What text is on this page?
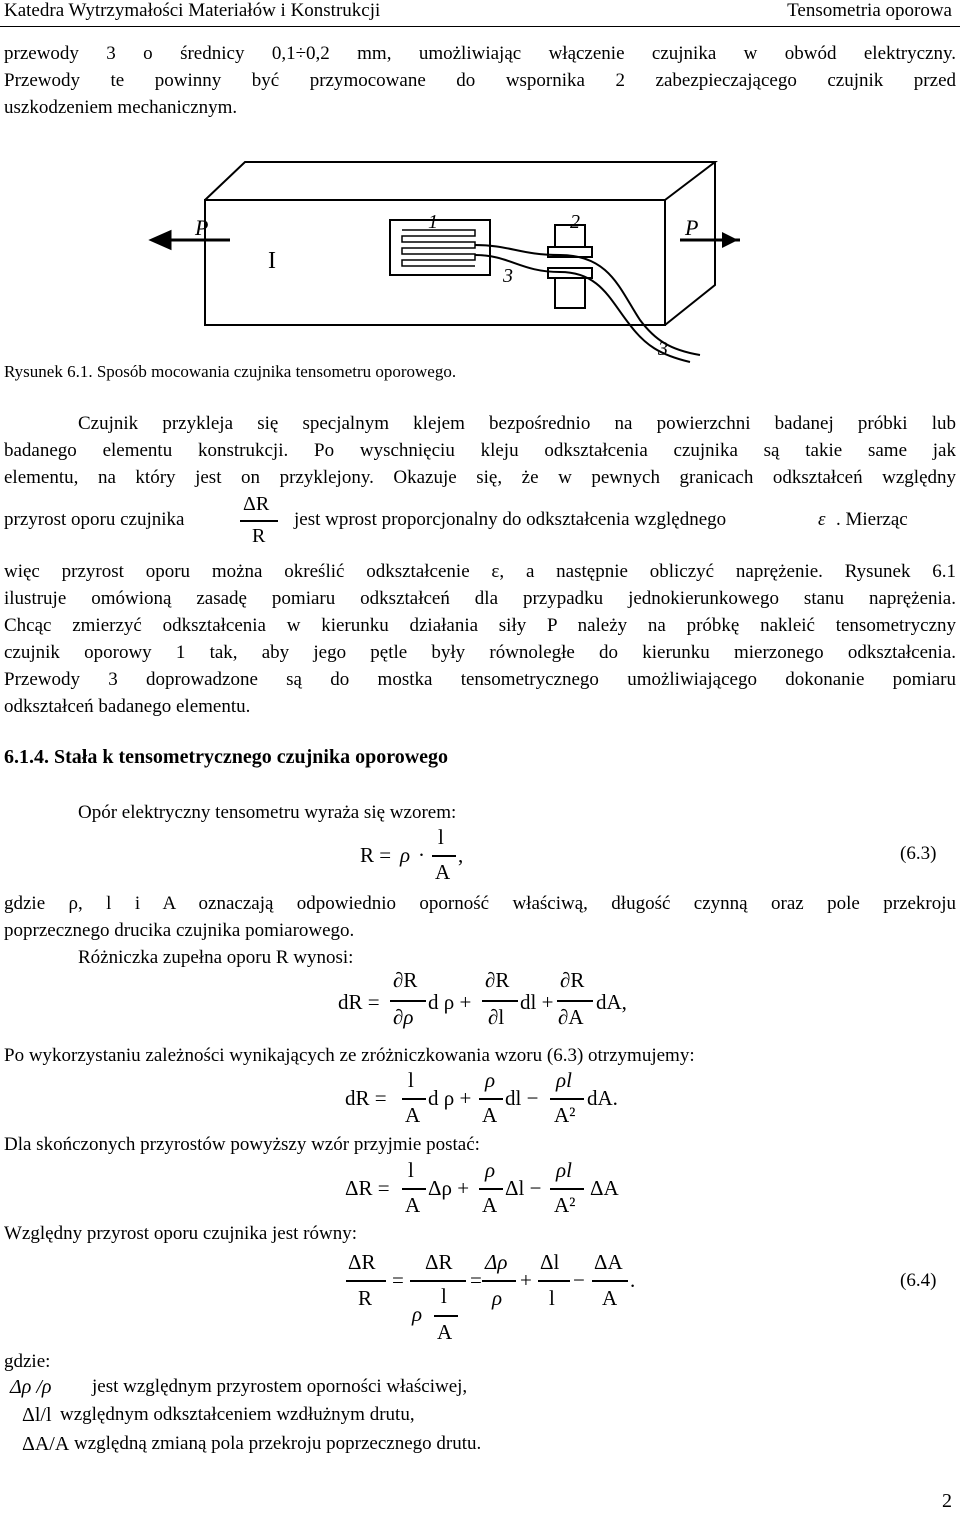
Katedra Wytrzymałości Materiałów i Konstrukcji	Tensometria oporowa
przewody 3 o średnicy 0,1÷0,2 mm, umożliwiając włączenie czujnika w obwód elektryczny.
Przewody te powinny być przymocowane do wspornika 2 zabezpieczającego czujnik przed
uszkodzeniem mechanicznym.
P	P
I
1	2
3
3
Rysunek 6.1. Sposób mocowania czujnika tensometru oporowego.
Czujnik przykleja się specjalnym klejem bezpośrednio na powierzchni badanej próbki lub
badanego elementu konstrukcji. Po wyschnięciu kleju odkształcenia czujnika są takie same jak
elementu, na który jest on przyklejony. Okazuje się, że w pewnych granicach odkształceń względny
przyrost oporu czujnika
ΔR
R
jest wprost proporcjonalny do odkształcenia względnego	ε . Mierząc
więc przyrost oporu można określić odkształcenie ε, a następnie obliczyć naprężenie. Rysunek 6.1
ilustruje omówioną zasadę pomiaru odkształceń dla przypadku jednokierunkowego stanu naprężenia.
Chcąc zmierzyć odkształcenia w kierunku działania siły P należy na próbkę nakleić tensometryczny
czujnik oporowy 1 tak, aby jego pętle były równoległe do kierunku mierzonego odkształcenia.
Przewody 3 doprowadzone są do mostka tensometrycznego umożliwiającego dokonanie pomiaru
odkształceń badanego elementu.
6.1.4. Stała k tensometrycznego czujnika oporowego
Opór elektryczny tensometru wyraża się wzorem:
R = ρ ·
l
A
,	(6.3)
gdzie ρ, l i A oznaczają odpowiednio oporność właściwą, długość czynną oraz pole przekroju
poprzecznego drucika czujnika pomiarowego.
Różniczka zupełna oporu R wynosi:
dR =
∂R
∂ρ
d ρ +
∂R
∂l
dl +
∂R
∂A
dA,
Po wykorzystaniu zależności wynikających ze zróżniczkowania wzoru (6.3) otrzymujemy:
dR =
l
A
d ρ +
ρ
A
dl −
ρl
A²
dA.
Dla skończonych przyrostów powyższy wzór przyjmie postać:
ΔR =
l
A
Δρ +
ρ
A
Δl −
ρl
A²
ΔA
Względny przyrost oporu czujnika jest równy:
ΔR
R
=
ΔR
ρ
l
A
=
Δρ
ρ
+
Δl
l
−
ΔA
A
.	(6.4)
gdzie:
Δρ /ρ jest względnym przyrostem oporności właściwej,
Δl/l względnym odkształceniem wzdłużnym drutu,
ΔA/A względną zmianą pola przekroju poprzecznego drutu.
2
